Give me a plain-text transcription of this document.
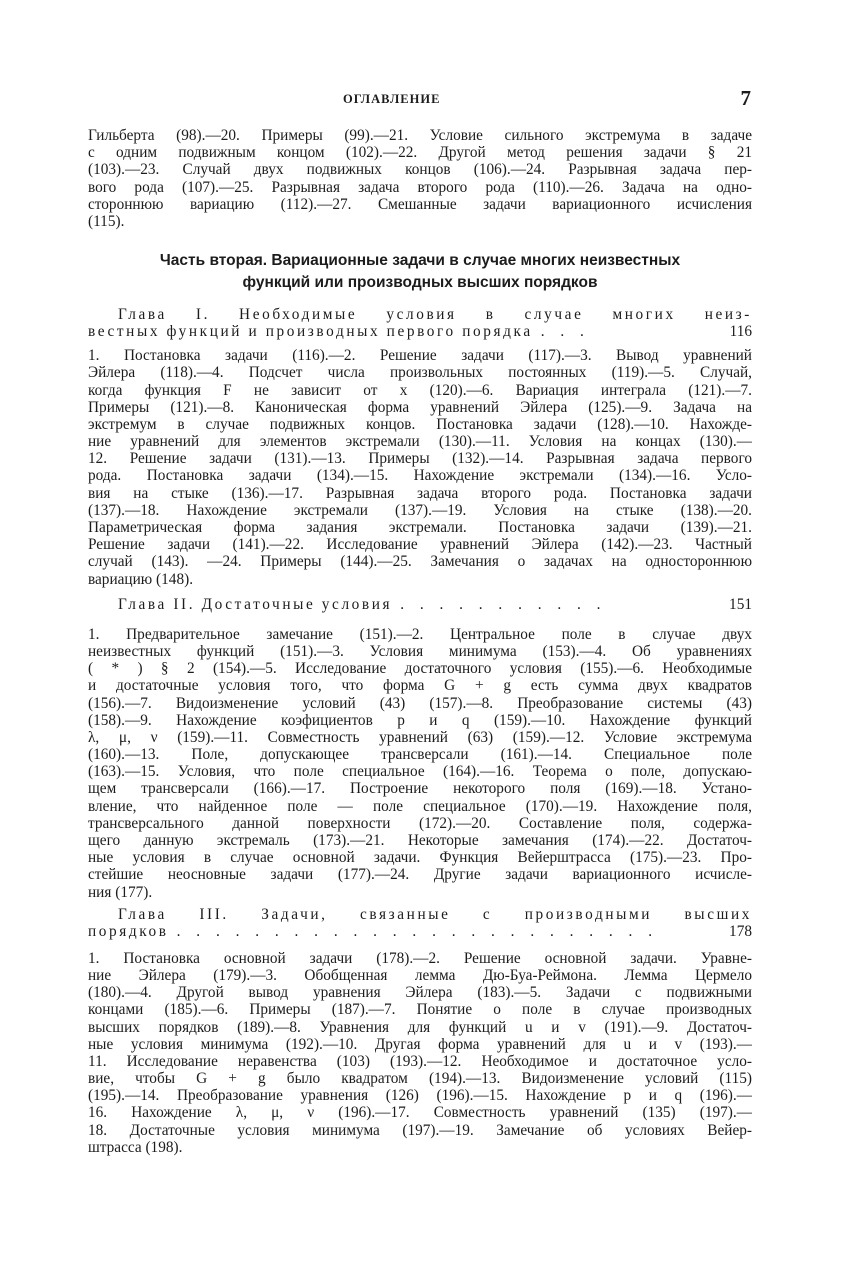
ОГЛАВЛЕНИЕ	7
Гильберта (98).—20. Примеры (99).—21. Условие сильного экстремума в задаче
с одним подвижным концом (102).—22. Другой метод решения задачи § 21
(103).—23. Случай двух подвижных концов (106).—24. Разрывная задача пер-
вого рода (107).—25. Разрывная задача второго рода (110).—26. Задача на одно-
стороннюю вариацию (112).—27. Смешанные задачи вариационного исчисления
(115).
Часть вторая. Вариационные задачи в случае многих неизвестных
функций или производных высших порядков
Глава I. Необходимые условия в случае многих неиз-
вестных функций и производных первого порядка . . .	116
1. Постановка задачи (116).—2. Решение задачи (117).—3. Вывод уравнений
Эйлера (118).—4. Подсчет числа произвольных постоянных (119).—5. Случай,
когда функция F не зависит от x (120).—6. Вариация интеграла (121).—7.
Примеры (121).—8. Каноническая форма уравнений Эйлера (125).—9. Задача на
экстремум в случае подвижных концов. Постановка задачи (128).—10. Нахожде-
ние уравнений для элементов экстремали (130).—11. Условия на концах (130).—
12. Решение задачи (131).—13. Примеры (132).—14. Разрывная задача первого
рода. Постановка задачи (134).—15. Нахождение экстремали (134).—16. Усло-
вия на стыке (136).—17. Разрывная задача второго рода. Постановка задачи
(137).—18. Нахождение экстремали (137).—19. Условия на стыке (138).—20.
Параметрическая форма задания экстремали. Постановка задачи (139).—21.
Решение задачи (141).—22. Исследование уравнений Эйлера (142).—23. Частный
случай (143). —24. Примеры (144).—25. Замечания о задачах на одностороннюю
вариацию (148).
Глава II. Достаточные условия . . . . . . . . . . .	151
1. Предварительное замечание (151).—2. Центральное поле в случае двух
неизвестных функций (151).—3. Условия минимума (153).—4. Об уравнениях
( * ) § 2 (154).—5. Исследование достаточного условия (155).—6. Необходимые
и достаточные условия того, что форма G + g есть сумма двух квадратов
(156).—7. Видоизменение условий (43) (157).—8. Преобразование системы (43)
(158).—9. Нахождение коэфициентов p и q (159).—10. Нахождение функций
λ, μ, ν (159).—11. Совместность уравнений (63) (159).—12. Условие экстремума
(160).—13. Поле, допускающее трансверсали (161).—14. Специальное поле
(163).—15. Условия, что поле специальное (164).—16. Теорема о поле, допускаю-
щем трансверсали (166).—17. Построение некоторого поля (169).—18. Устано-
вление, что найденное поле — поле специальное (170).—19. Нахождение поля,
трансверсального данной поверхности (172).—20. Составление поля, содержа-
щего данную экстремаль (173).—21. Некоторые замечания (174).—22. Достаточ-
ные условия в случае основной задачи. Функция Вейерштрасса (175).—23. Про-
стейшие неосновные задачи (177).—24. Другие задачи вариационного исчисле-
ния (177).
Глава III. Задачи, связанные с производными высших
порядков . . . . . . . . . . . . . . . . . . . . . . . . .	178
1. Постановка основной задачи (178).—2. Решение основной задачи. Уравне-
ние Эйлера (179).—3. Обобщенная лемма Дю-Буа-Реймона. Лемма Цермело
(180).—4. Другой вывод уравнения Эйлера (183).—5. Задачи с подвижными
концами (185).—6. Примеры (187).—7. Понятие о поле в случае производных
высших порядков (189).—8. Уравнения для функций u и v (191).—9. Достаточ-
ные условия минимума (192).—10. Другая форма уравнений для u и v (193).—
11. Исследование неравенства (103) (193).—12. Необходимое и достаточное усло-
вие, чтобы G + g было квадратом (194).—13. Видоизменение условий (115)
(195).—14. Преобразование уравнения (126) (196).—15. Нахождение p и q (196).—
16. Нахождение λ, μ, ν (196).—17. Совместность уравнений (135) (197).—
18. Достаточные условия минимума (197).—19. Замечание об условиях Вейер-
штрасса (198).
